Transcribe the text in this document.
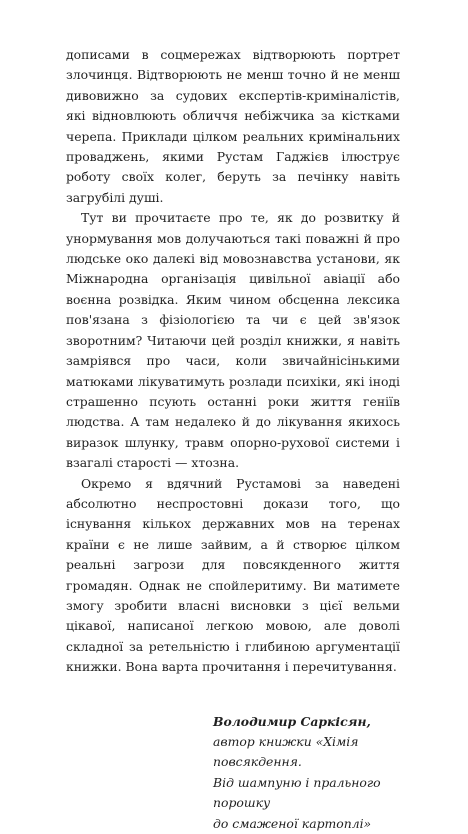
дописами в соцмережах відтворюють портрет злочинця. Відтворюють не менш точно й не менш дивовижно за судових експертів-криміналістів, які відновлюють обличчя небіжчика за кістками черепа. Приклади цілком реальних кримінальних проваджень, якими Рустам Гаджієв ілюструє роботу своїх колег, беруть за печінку навіть загрубілі душі.

Тут ви прочитаєте про те, як до розвитку й унормування мов долучаються такі поважні й про людське око далекі від мовознавства установи, як Міжнародна організація цивільної авіації або воєнна розвідка. Яким чином обсценна лексика пов'язана з фізіологією та чи є цей зв'язок зворотним? Читаючи цей розділ книжки, я навіть замріявся про часи, коли звичайнісінькими матюками лікуватимуть розлади психіки, які іноді страшенно псують останні роки життя геніїв людства. А там недалеко й до лікування якихось виразок шлунку, травм опорно-рухової системи і взагалі старості — хтозна.

Окремо я вдячний Рустамові за наведені абсолютно неспростовні докази того, що існування кількох державних мов на теренах країни є не лише зайвим, а й створює цілком реальні загрози для повсякденного життя громадян. Однак не спойлеритиму. Ви матимете змогу зробити власні висновки з цієї вельми цікавої, написаної легкою мовою, але доволі складної за ретельністю і глибиною аргументації книжки. Вона варта прочитання і перечитування.

Володимир Саркісян,
автор книжки «Хімія повсякдення.
Від шампуню і пральногo порошку
до смаженої картоплі»
